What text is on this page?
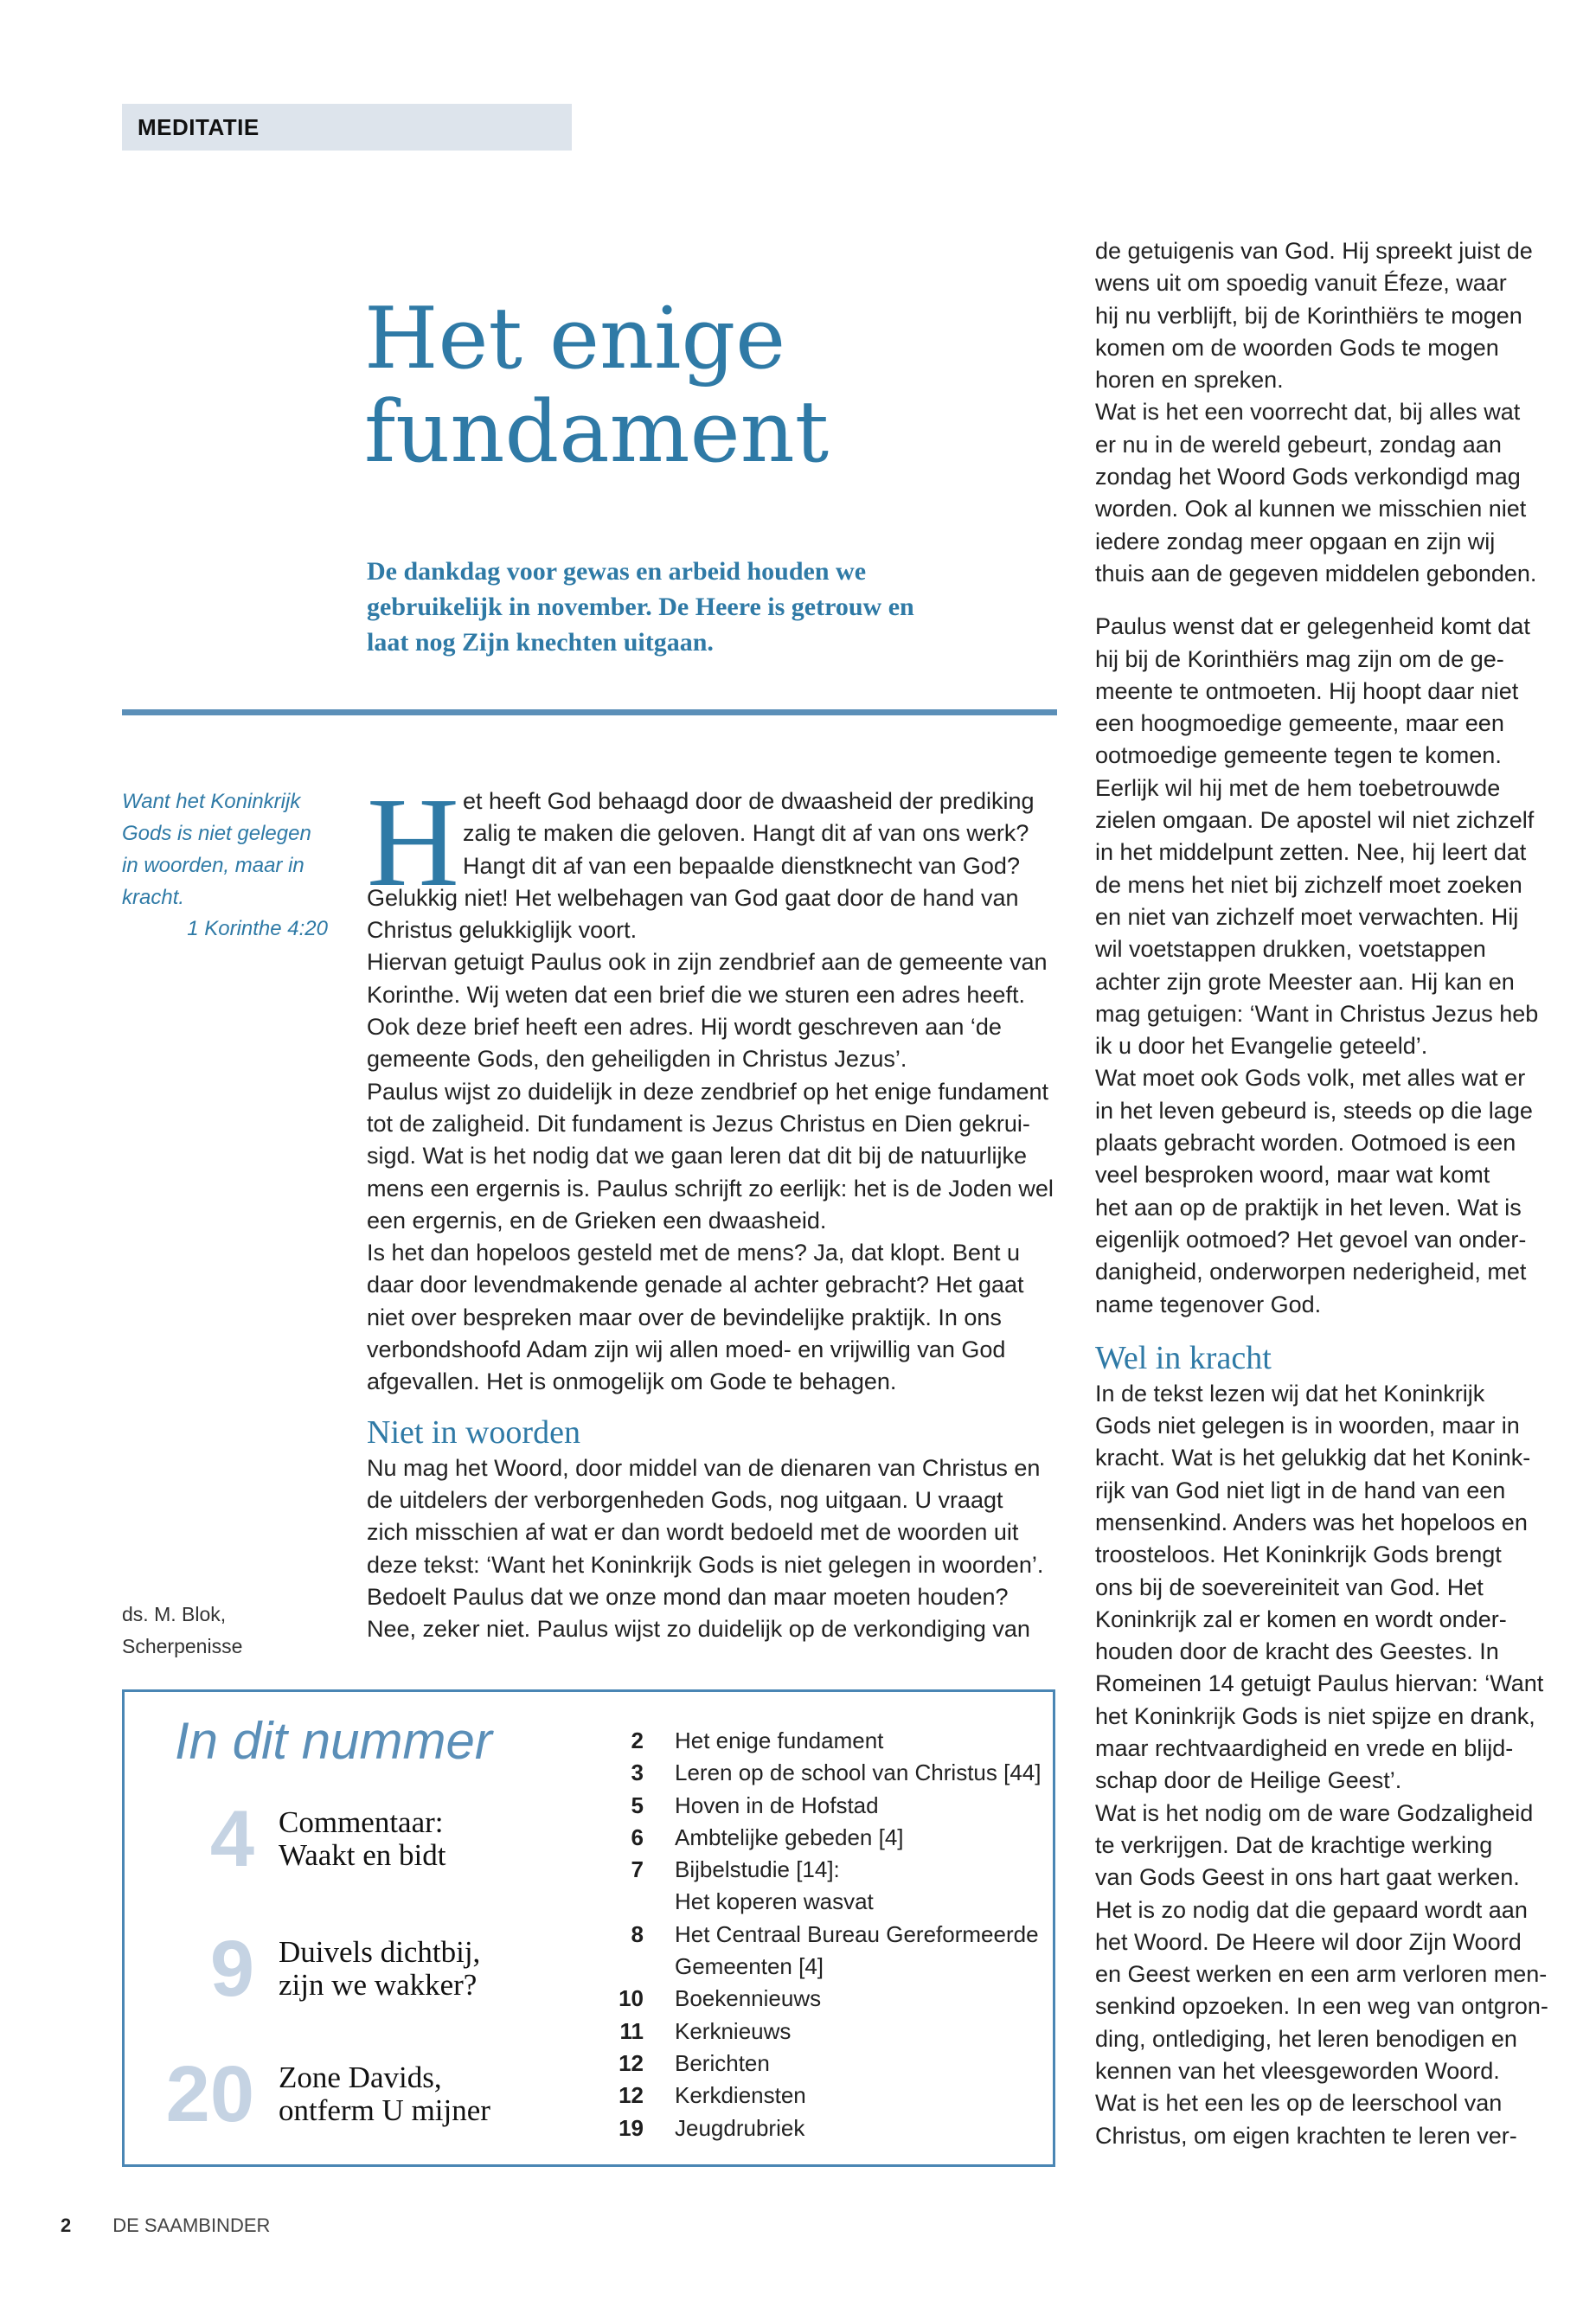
MEDITATIE
Het enige
fundament
De dankdag voor gewas en arbeid houden we
gebruikelijk in november. De Heere is getrouw en
laat nog Zijn knechten uitgaan.
Want het Koninkrijk
Gods is niet gelegen
in woorden, maar in
kracht.
1 Korinthe 4:20
ds. M. Blok,
Scherpenisse
H et heeft God behaagd door de dwaasheid der prediking
zalig te maken die geloven. Hangt dit af van ons werk?
Hangt dit af van een bepaalde dienstknecht van God?
Gelukkig niet! Het welbehagen van God gaat door de hand van
Christus gelukkiglijk voort.
Hiervan getuigt Paulus ook in zijn zendbrief aan de gemeente van
Korinthe. Wij weten dat een brief die we sturen een adres heeft.
Ook deze brief heeft een adres. Hij wordt geschreven aan ‘de
gemeente Gods, den geheiligden in Christus Jezus’.
Paulus wijst zo duidelijk in deze zendbrief op het enige fundament
tot de zaligheid. Dit fundament is Jezus Christus en Dien gekrui-
sigd. Wat is het nodig dat we gaan leren dat dit bij de natuurlijke
mens een ergernis is. Paulus schrijft zo eerlijk: het is de Joden wel
een ergernis, en de Grieken een dwaasheid.
Is het dan hopeloos gesteld met de mens? Ja, dat klopt. Bent u
daar door levendmakende genade al achter gebracht? Het gaat
niet over bespreken maar over de bevindelijke praktijk. In ons
verbondshoofd Adam zijn wij allen moed- en vrijwillig van God
afgevallen. Het is onmogelijk om Gode te behagen.
Niet in woorden
Nu mag het Woord, door middel van de dienaren van Christus en
de uitdelers der verborgenheden Gods, nog uitgaan. U vraagt
zich misschien af wat er dan wordt bedoeld met de woorden uit
deze tekst: ‘Want het Koninkrijk Gods is niet gelegen in woorden’.
Bedoelt Paulus dat we onze mond dan maar moeten houden?
Nee, zeker niet. Paulus wijst zo duidelijk op de verkondiging van
de getuigenis van God. Hij spreekt juist de
wens uit om spoedig vanuit Éfeze, waar
hij nu verblijft, bij de Korinthiërs te mogen
komen om de woorden Gods te mogen
horen en spreken.
Wat is het een voorrecht dat, bij alles wat
er nu in de wereld gebeurt, zondag aan
zondag het Woord Gods verkondigd mag
worden. Ook al kunnen we misschien niet
iedere zondag meer opgaan en zijn wij
thuis aan de gegeven middelen gebonden.
Paulus wenst dat er gelegenheid komt dat
hij bij de Korinthiërs mag zijn om de ge-
meente te ontmoeten. Hij hoopt daar niet
een hoogmoedige gemeente, maar een
ootmoedige gemeente tegen te komen.
Eerlijk wil hij met de hem toebetrouwde
zielen omgaan. De apostel wil niet zichzelf
in het middelpunt zetten. Nee, hij leert dat
de mens het niet bij zichzelf moet zoeken
en niet van zichzelf moet verwachten. Hij
wil voetstappen drukken, voetstappen
achter zijn grote Meester aan. Hij kan en
mag getuigen: ‘Want in Christus Jezus heb
ik u door het Evangelie geteeld’.
Wat moet ook Gods volk, met alles wat er
in het leven gebeurd is, steeds op die lage
plaats gebracht worden. Ootmoed is een
veel besproken woord, maar wat komt
het aan op de praktijk in het leven. Wat is
eigenlijk ootmoed? Het gevoel van onder-
danigheid, onderworpen nederigheid, met
name tegenover God.
Wel in kracht
In de tekst lezen wij dat het Koninkrijk
Gods niet gelegen is in woorden, maar in
kracht. Wat is het gelukkig dat het Konink-
rijk van God niet ligt in de hand van een
mensenkind. Anders was het hopeloos en
troosteloos. Het Koninkrijk Gods brengt
ons bij de soevereiniteit van God. Het
Koninkrijk zal er komen en wordt onder-
houden door de kracht des Geestes. In
Romeinen 14 getuigt Paulus hiervan: ‘Want
het Koninkrijk Gods is niet spijze en drank,
maar rechtvaardigheid en vrede en blijd-
schap door de Heilige Geest’.
Wat is het nodig om de ware Godzaligheid
te verkrijgen. Dat de krachtige werking
van Gods Geest in ons hart gaat werken.
Het is zo nodig dat die gepaard wordt aan
het Woord. De Heere wil door Zijn Woord
en Geest werken en een arm verloren men-
senkind opzoeken. In een weg van ontgron-
ding, ontlediging, het leren benodigen en
kennen van het vleesgeworden Woord.
Wat is het een les op de leerschool van
Christus, om eigen krachten te leren ver-
In dit nummer
4 Commentaar:
Waakt en bidt
9 Duivels dichtbij,
zijn we wakker?
20 Zone Davids,
ontferm U mijner
2	Het enige fundament
3	Leren op de school van Christus [44]
5	Hoven in de Hofstad
6	Ambtelijke gebeden [4]
7	Bijbelstudie [14]:
Het koperen wasvat
8	Het Centraal Bureau Gereformeerde
Gemeenten [4]
10	Boekennieuws
11	Kerknieuws
12	Berichten
12	Kerkdiensten
19	Jeugdrubriek
2 DE SAAMBINDER
